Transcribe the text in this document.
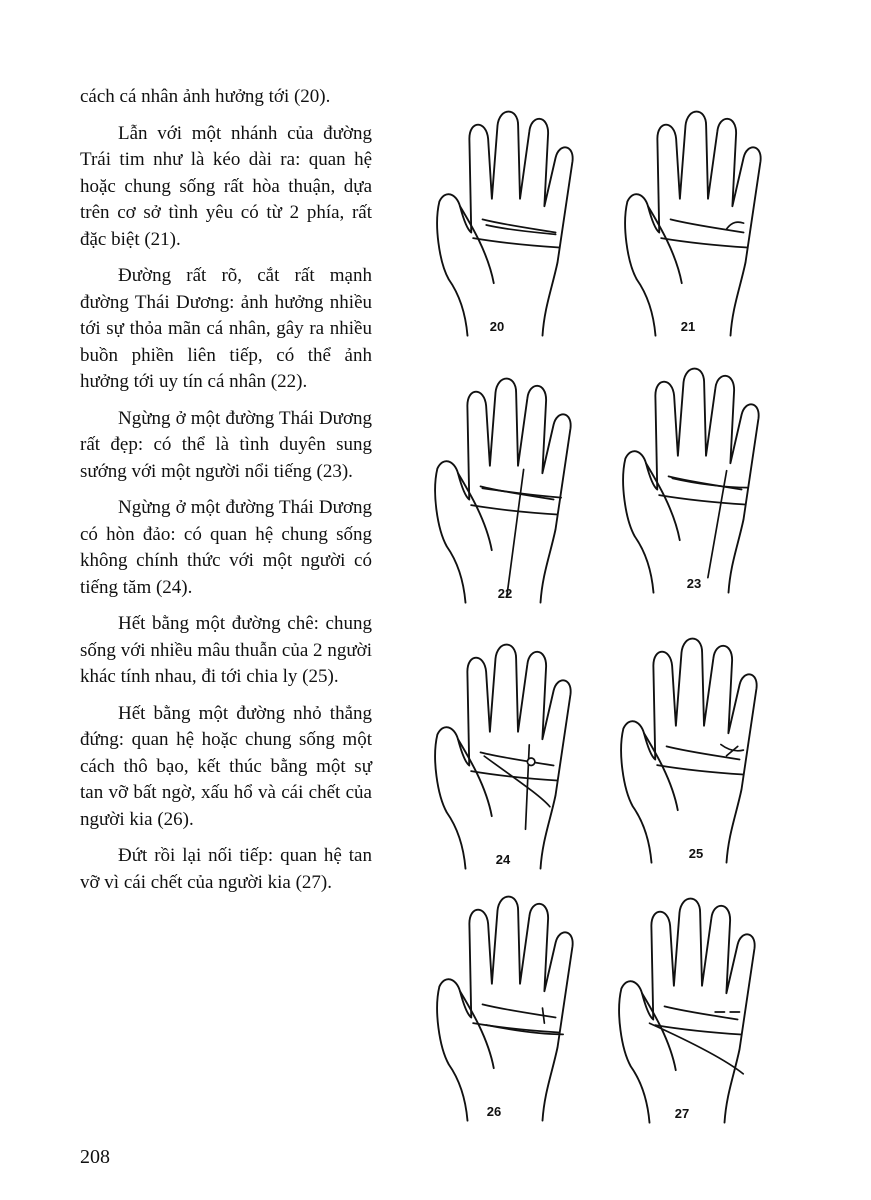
cách cá nhân ảnh hưởng tới (20).

Lẫn với một nhánh của đường Trái tim như là kéo dài ra: quan hệ hoặc chung sống rất hòa thuận, dựa trên cơ sở tình yêu có từ 2 phía, rất đặc biệt (21).

Đường rất rõ, cắt rất mạnh đường Thái Dương: ảnh hưởng nhiều tới sự thỏa mãn cá nhân, gây ra nhiều buồn phiền liên tiếp, có thể ảnh hưởng tới uy tín cá nhân (22).

Ngừng ở một đường Thái Dương rất đẹp: có thể là tình duyên sung sướng với một người nổi tiếng (23).

Ngừng ở một đường Thái Dương có hòn đảo: có quan hệ chung sống không chính thức với một người có tiếng tăm (24).

Hết bằng một đường chê: chung sống với nhiều mâu thuẫn của 2 người khác tính nhau, đi tới chia ly (25).

Hết bằng một đường nhỏ thẳng đứng: quan hệ hoặc chung sống một cách thô bạo, kết thúc bằng một sự tan vỡ bất ngờ, xấu hổ và cái chết của người kia (26).

Đứt rồi lại nối tiếp: quan hệ tan vỡ vì cái chết của người kia (27).

20	21
22
23
24	25
26	27
208
